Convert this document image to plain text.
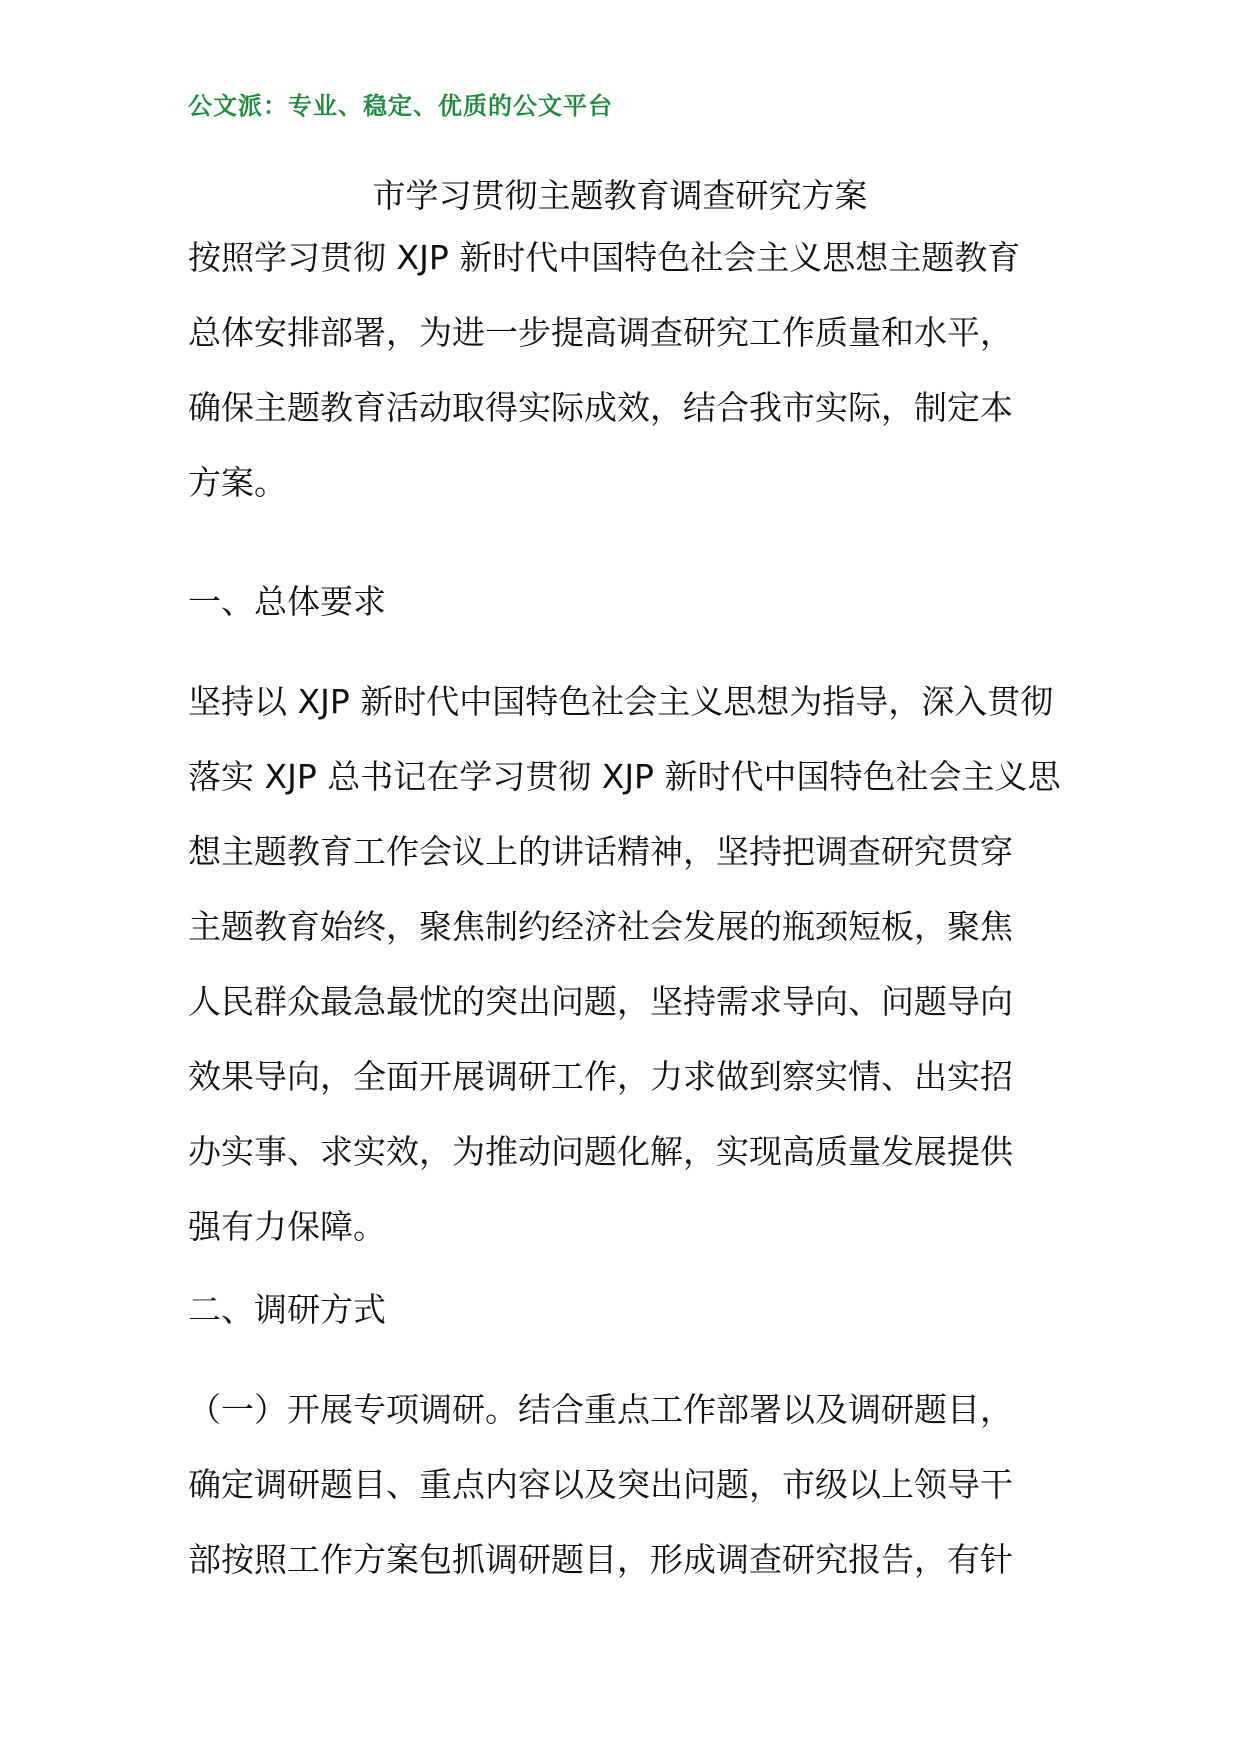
公文派：专业、稳定、优质的公文平台
市学习贯彻主题教育调查研究方案
按照学习贯彻 XJP 新时代中国特色社会主义思想主题教育
总体安排部署，为进一步提高调查研究工作质量和水平，
确保主题教育活动取得实际成效，结合我市实际，制定本
方案。
一、总体要求
坚持以 XJP 新时代中国特色社会主义思想为指导，深入贯彻
落实 XJP 总书记在学习贯彻 XJP 新时代中国特色社会主义思
想主题教育工作会议上的讲话精神，坚持把调查研究贯穿
主题教育始终，聚焦制约经济社会发展的瓶颈短板，聚焦
人民群众最急最忧的突出问题，坚持需求导向、问题导向
效果导向，全面开展调研工作，力求做到察实情、出实招
办实事、求实效，为推动问题化解，实现高质量发展提供
强有力保障。
二、调研方式
（一）开展专项调研。结合重点工作部署以及调研题目，
确定调研题目、重点内容以及突出问题，市级以上领导干
部按照工作方案包抓调研题目，形成调查研究报告，有针
